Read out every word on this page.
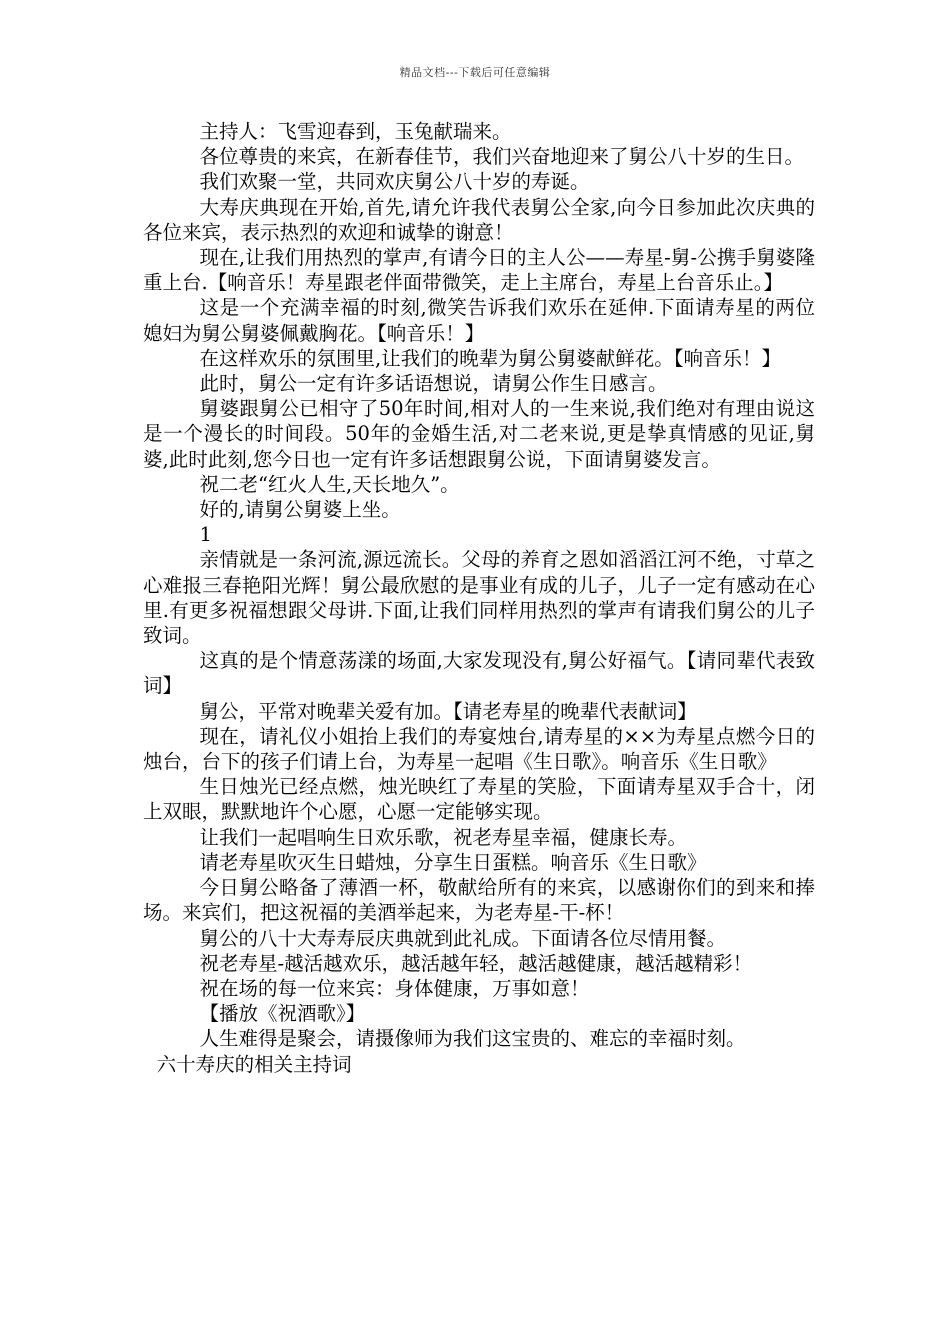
精品文档---下载后可任意编辑

主持人：飞雪迎春到，玉兔献瑞来。

各位尊贵的来宾，在新春佳节，我们兴奋地迎来了舅公八十岁的生日。

我们欢聚一堂，共同欢庆舅公八十岁的寿诞。

大寿庆典现在开始,首先,请允许我代表舅公全家,向今日参加此次庆典的各位来宾，表示热烈的欢迎和诚挚的谢意！

现在,让我们用热烈的掌声,有请今日的主人公——寿星-舅-公携手舅婆隆重上台.【响音乐！寿星跟老伴面带微笑，走上主席台，寿星上台音乐止。】

这是一个充满幸福的时刻,微笑告诉我们欢乐在延伸.下面请寿星的两位媳妇为舅公舅婆佩戴胸花。【响音乐！】

在这样欢乐的氛围里,让我们的晚辈为舅公舅婆献鲜花。【响音乐！】

此时，舅公一定有许多话语想说，请舅公作生日感言。

舅婆跟舅公已相守了50年时间,相对人的一生来说,我们绝对有理由说这是一个漫长的时间段。50年的金婚生活,对二老来说,更是挚真情感的见证,舅婆,此时此刻,您今日也一定有许多话想跟舅公说，下面请舅婆发言。

祝二老“红火人生,天长地久”。

好的,请舅公舅婆上坐。

1

亲情就是一条河流,源远流长。父母的养育之恩如滔滔江河不绝，寸草之心难报三春艳阳光辉！舅公最欣慰的是事业有成的儿子，儿子一定有感动在心里.有更多祝福想跟父母讲.下面,让我们同样用热烈的掌声有请我们舅公的儿子致词。

这真的是个情意荡漾的场面,大家发现没有,舅公好福气。【请同辈代表致词】

舅公，平常对晚辈关爱有加。【请老寿星的晚辈代表献词】

现在，请礼仪小姐抬上我们的寿宴烛台,请寿星的××为寿星点燃今日的烛台，台下的孩子们请上台，为寿星一起唱《生日歌》。响音乐《生日歌》

生日烛光已经点燃，烛光映红了寿星的笑脸，下面请寿星双手合十，闭上双眼，默默地许个心愿，心愿一定能够实现。

让我们一起唱响生日欢乐歌，祝老寿星幸福，健康长寿。

请老寿星吹灭生日蜡烛，分享生日蛋糕。响音乐《生日歌》

今日舅公略备了薄酒一杯，敬献给所有的来宾，以感谢你们的到来和捧场。来宾们，把这祝福的美酒举起来，为老寿星-干-杯！

舅公的八十大寿寿辰庆典就到此礼成。下面请各位尽情用餐。

祝老寿星-越活越欢乐，越活越年轻，越活越健康，越活越精彩！

祝在场的每一位来宾：身体健康，万事如意！

【播放《祝酒歌》】

人生难得是聚会，请摄像师为我们这宝贵的、难忘的幸福时刻。

六十寿庆的相关主持词
